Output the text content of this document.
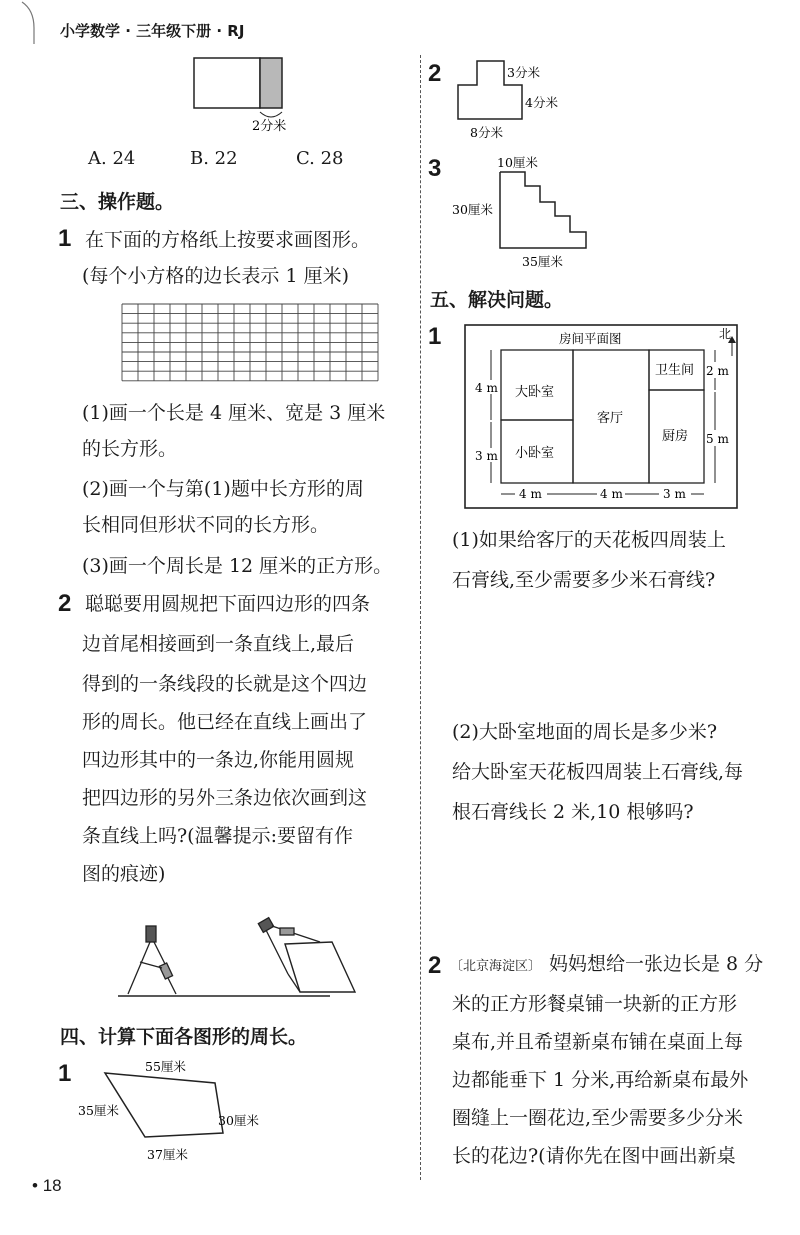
小学数学 · 三年级下册 · RJ
2分米
A. 24	B. 22	C. 28
三、操作题。
1 在下面的方格纸上按要求画图形。
(每个小方格的边长表示 1 厘米)
(1)画一个长是 4 厘米、宽是 3 厘米
的长方形。
(2)画一个与第(1)题中长方形的周
长相同但形状不同的长方形。
(3)画一个周长是 12 厘米的正方形。
2 聪聪要用圆规把下面四边形的四条
边首尾相接画到一条直线上,最后
得到的一条线段的长就是这个四边
形的周长。他已经在直线上画出了
四边形其中的一条边,你能用圆规
把四边形的另外三条边依次画到这
条直线上吗?(温馨提示:要留有作
图的痕迹)
四、计算下面各图形的周长。
1	55厘米
35厘米
30厘米
37厘米
• 18
2	3分米
4分米
8分米
3	10厘米
30厘米
35厘米
五、解决问题。
1	房间平面图	北
大卧室
小卧室
客厅
卫生间
厨房
4 m
3 m
2 m
5 m
4 m	4 m	3 m
(1)如果给客厅的天花板四周装上
石膏线,至少需要多少米石膏线?
(2)大卧室地面的周长是多少米?
给大卧室天花板四周装上石膏线,每
根石膏线长 2 米,10 根够吗?
2 〔北京海淀区〕 妈妈想给一张边长是 8 分
米的正方形餐桌铺一块新的正方形
桌布,并且希望新桌布铺在桌面上每
边都能垂下 1 分米,再给新桌布最外
圈缝上一圈花边,至少需要多少分米
长的花边?(请你先在图中画出新桌
